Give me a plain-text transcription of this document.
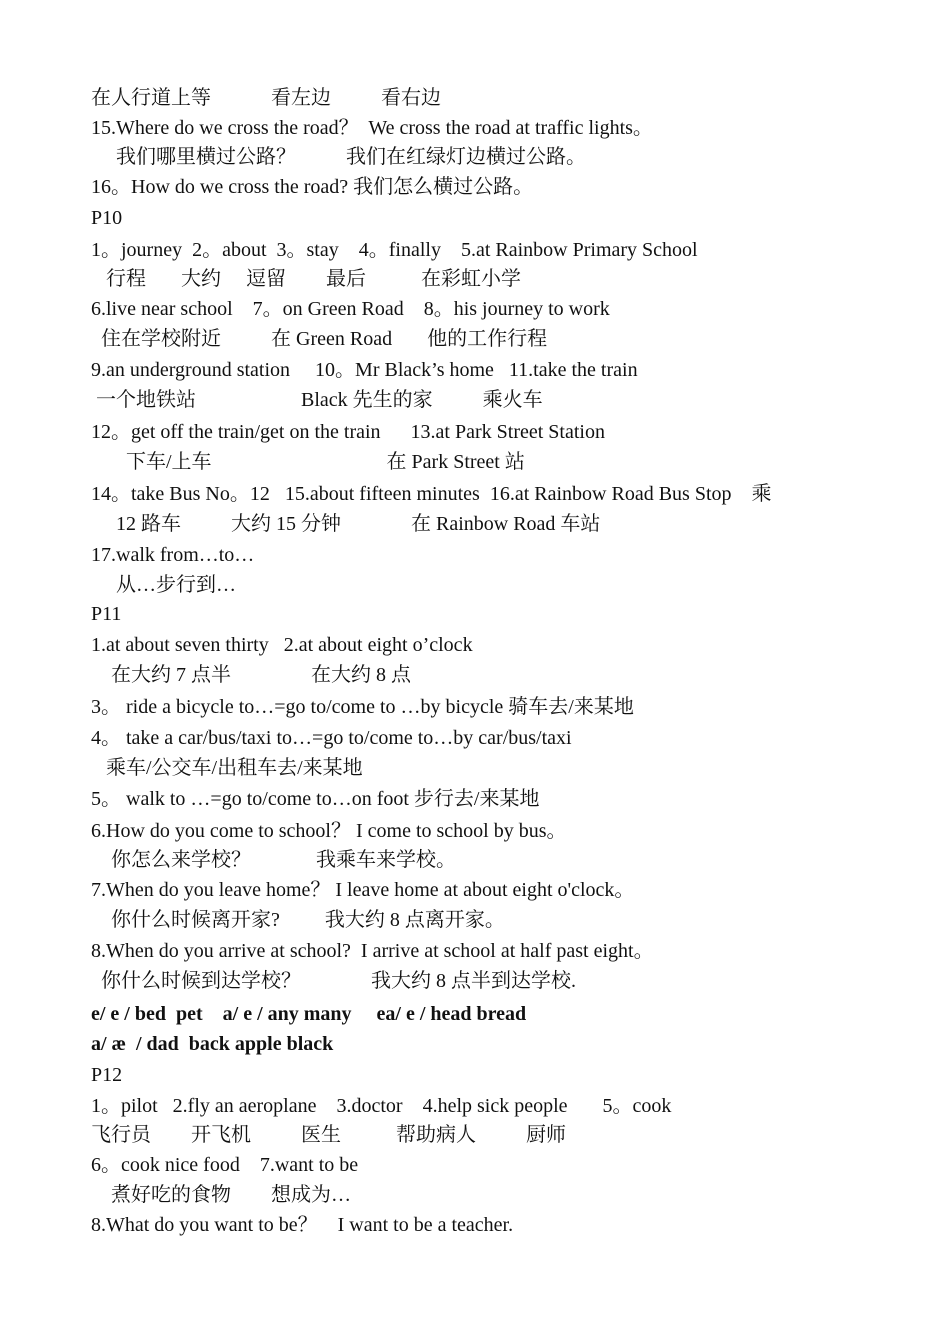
在人行道上等            看左边          看右边
15.Where do we cross the road？  We cross the road at traffic lights。
我们哪里横过公路？          我们在红绿灯边横过公路。
16。How do we cross the road? 我们怎么横过公路。
P10
1。journey  2。about  3。stay    4。finally    5.at Rainbow Primary School
行程       大约     逗留        最后           在彩虹小学
6.live near school    7。on Green Road    8。his journey to work
住在学校附近          在 Green Road       他的工作行程
9.an underground station     10。Mr Black’s home   11.take the train
一个地铁站                     Black 先生的家          乘火车
12。get off the train/get on the train      13.at Park Street Station
下车/上车                                   在 Park Street 站
14。take Bus No。12   15.about fifteen minutes  16.at Rainbow Road Bus Stop    乘
12 路车          大约 15 分钟              在 Rainbow Road 车站
17.walk from…to…
从…步行到…
P11
1.at about seven thirty   2.at about eight o’clock
在大约 7 点半                在大约 8 点
3。 ride a bicycle to…=go to/come to …by bicycle 骑车去/来某地
4。 take a car/bus/taxi to…=go to/come to…by car/bus/taxi
乘车/公交车/出租车去/来某地
5。 walk to …=go to/come to…on foot 步行去/来某地
6.How do you come to school？ I come to school by bus。
你怎么来学校？             我乘车来学校。
7.When do you leave home？ I leave home at about eight o'clock。
你什么时候离开家?         我大约 8 点离开家。
8.When do you arrive at school?  I arrive at school at half past eight。
你什么时候到达学校？              我大约 8 点半到达学校.
e/ e / bed  pet    a/ e / any many     ea/ e / head bread
a/ æ  / dad  back apple black
P12
1。pilot   2.fly an aeroplane    3.doctor    4.help sick people       5。cook
飞行员        开飞机          医生           帮助病人          厨师
6。cook nice food    7.want to be
煮好吃的食物        想成为…
8.What do you want to be？    I want to be a teacher.
